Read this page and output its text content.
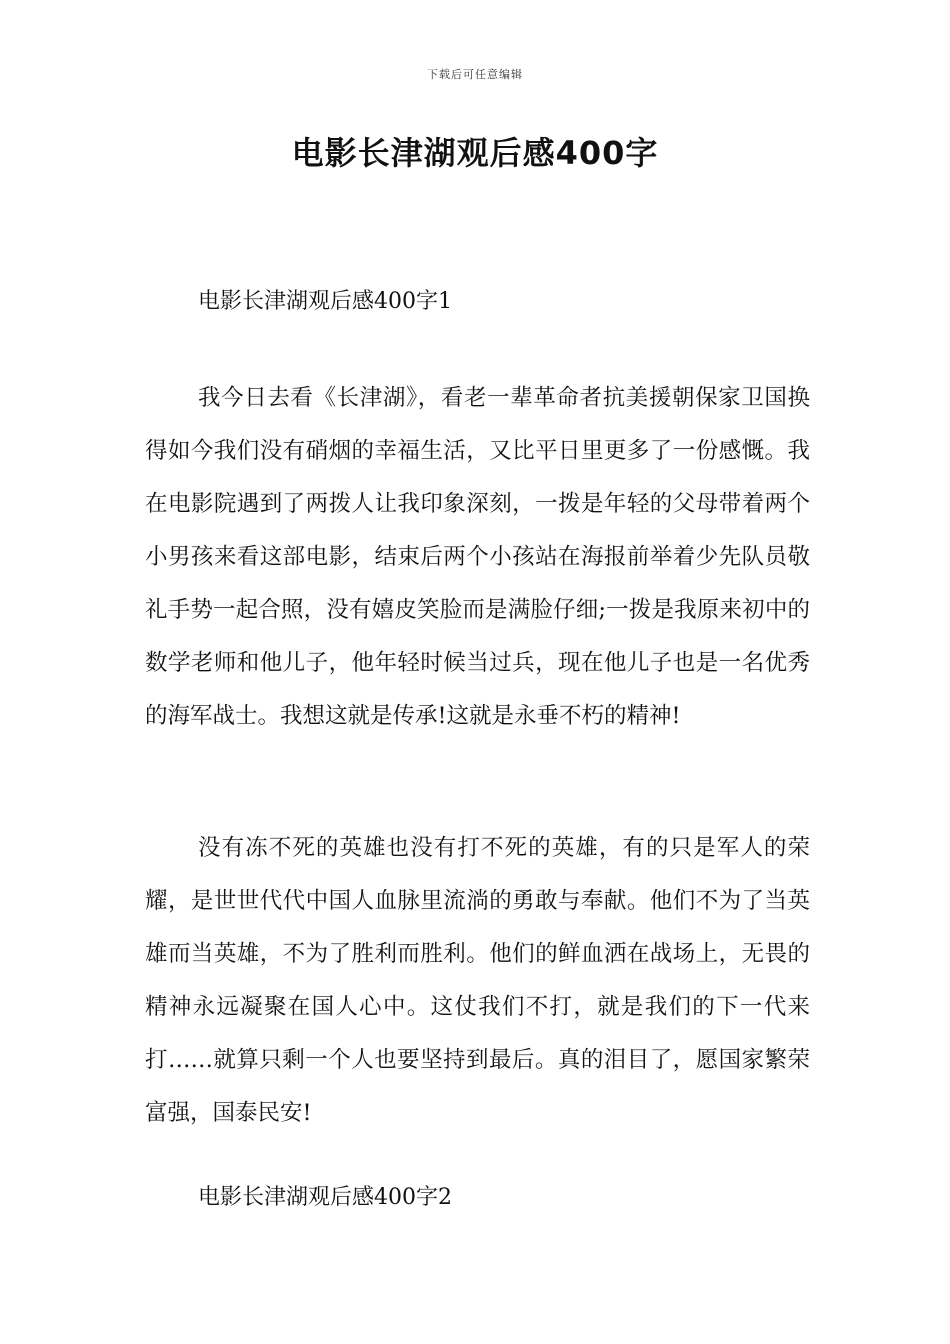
下载后可任意编辑
电影长津湖观后感400字
电影长津湖观后感400字1

我今日去看《长津湖》，看老一辈革命者抗美援朝保家卫国换得如今我们没有硝烟的幸福生活，又比平日里更多了一份感慨。我在电影院遇到了两拨人让我印象深刻，一拨是年轻的父母带着两个小男孩来看这部电影，结束后两个小孩站在海报前举着少先队员敬礼手势一起合照，没有嬉皮笑脸而是满脸仔细;一拨是我原来初中的数学老师和他儿子，他年轻时候当过兵，现在他儿子也是一名优秀的海军战士。我想这就是传承!这就是永垂不朽的精神!

没有冻不死的英雄也没有打不死的英雄，有的只是军人的荣耀，是世世代代中国人血脉里流淌的勇敢与奉献。他们不为了当英雄而当英雄，不为了胜利而胜利。他们的鲜血洒在战场上，无畏的精神永远凝聚在国人心中。这仗我们不打，就是我们的下一代来打……就算只剩一个人也要坚持到最后。真的泪目了，愿国家繁荣富强，国泰民安!

电影长津湖观后感400字2
